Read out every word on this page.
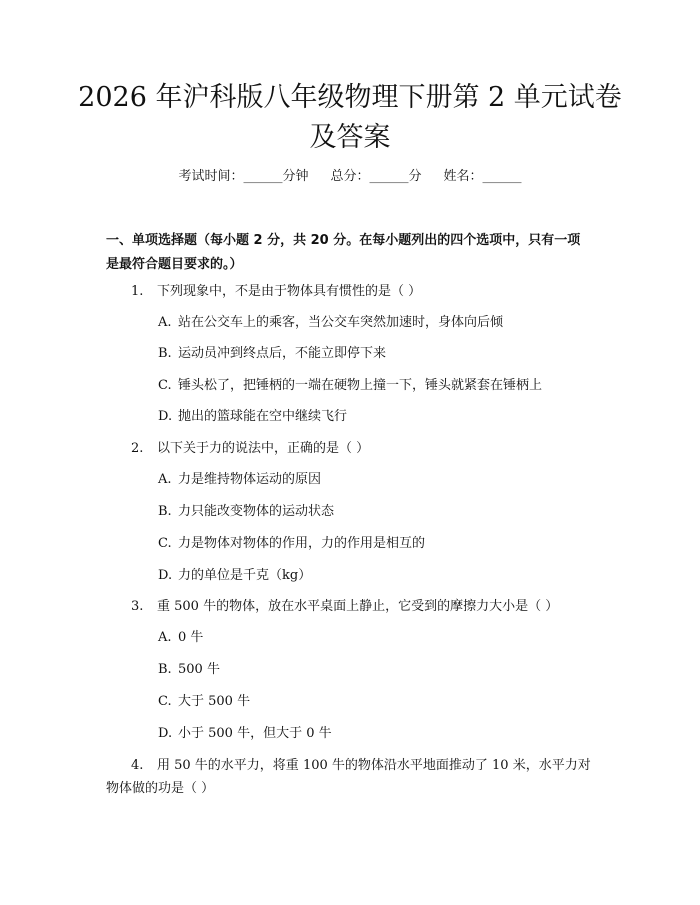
2026 年沪科版八年级物理下册第 2 单元试卷
及答案
考试时间：______分钟 总分：______分 姓名：______

一、单项选择题（每小题 2 分，共 20 分。在每小题列出的四个选项中，只有一项

是最符合题目要求的。）

1. 下列现象中，不是由于物体具有惯性的是（ ）

A. 站在公交车上的乘客，当公交车突然加速时，身体向后倾

B. 运动员冲到终点后，不能立即停下来

C. 锤头松了，把锤柄的一端在硬物上撞一下，锤头就紧套在锤柄上

D. 抛出的篮球能在空中继续飞行

2. 以下关于力的说法中，正确的是（ ）

A. 力是维持物体运动的原因

B. 力只能改变物体的运动状态

C. 力是物体对物体的作用，力的作用是相互的

D. 力的单位是千克（kg）

3. 重 500 牛的物体，放在水平桌面上静止，它受到的摩擦力大小是（ ）

A. 0 牛

B. 500 牛

C. 大于 500 牛

D. 小于 500 牛，但大于 0 牛

4. 用 50 牛的水平力，将重 100 牛的物体沿水平地面推动了 10 米，水平力对

物体做的功是（ ）
